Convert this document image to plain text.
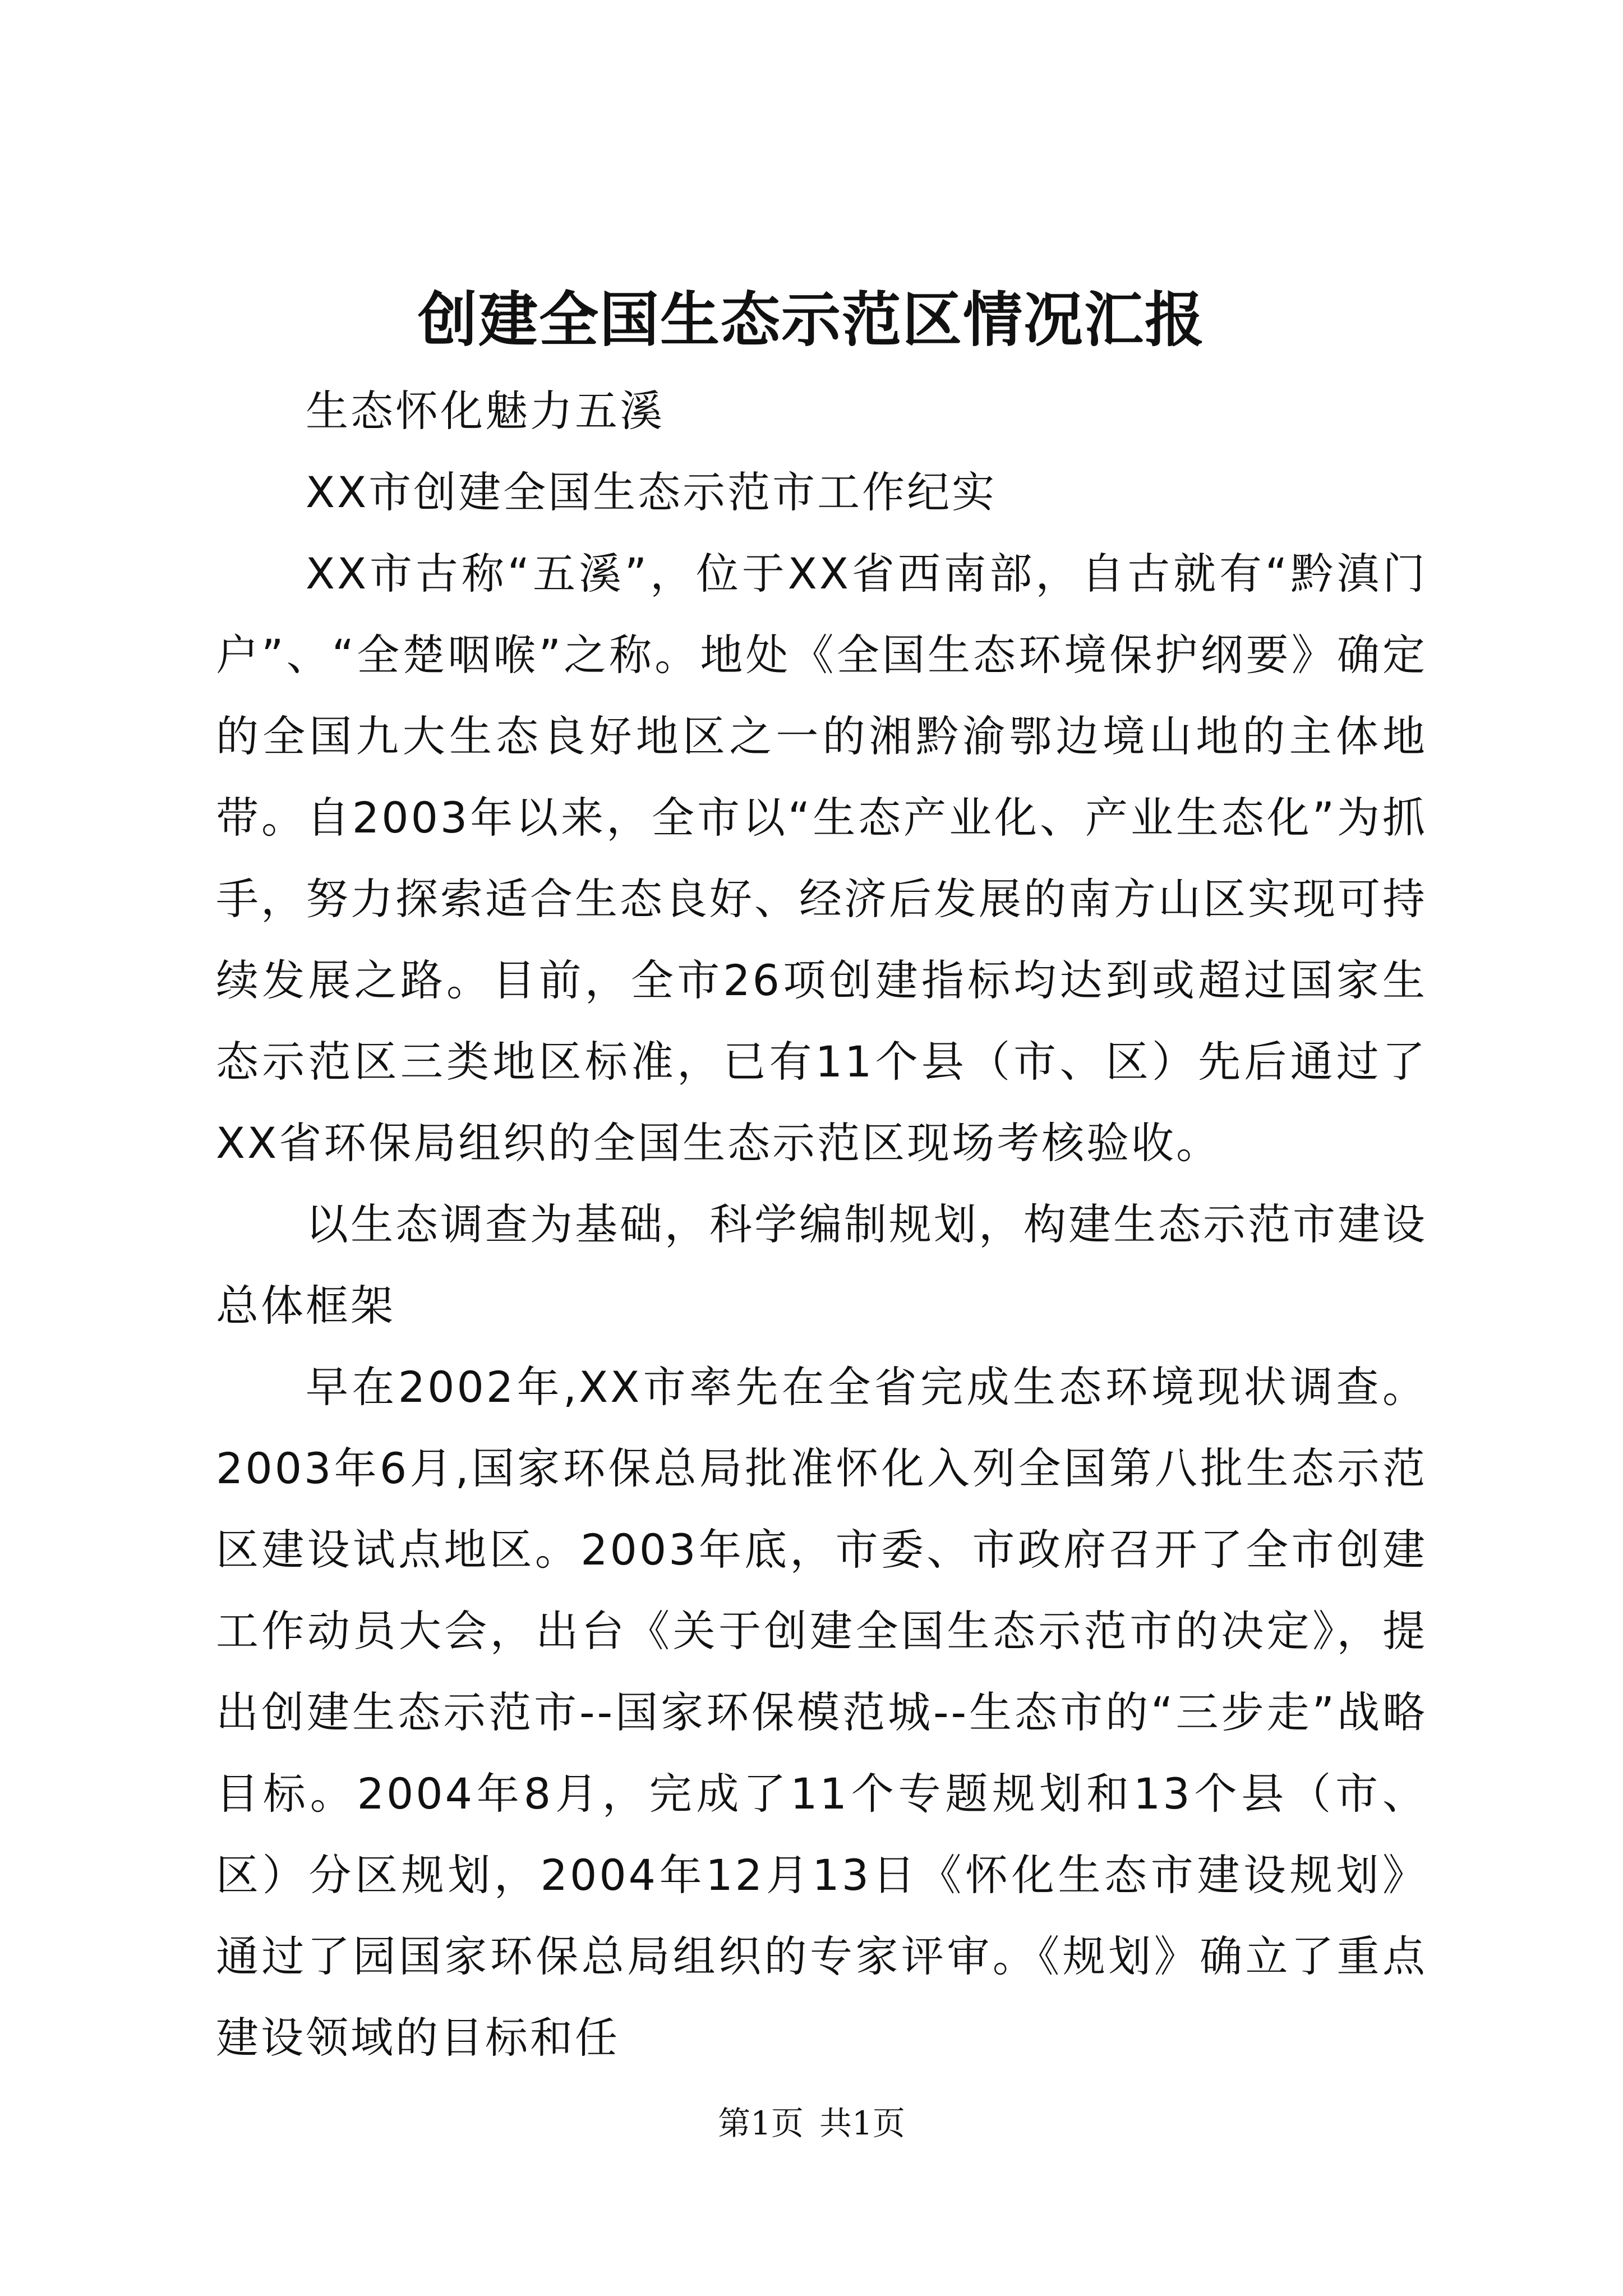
创建全国生态示范区情况汇报

生态怀化魅力五溪

XX市创建全国生态示范市工作纪实

XX市古称“五溪”，位于XX省西南部，自古就有“黔滇门户”、“全楚咽喉”之称。地处《全国生态环境保护纲要》确定的全国九大生态良好地区之一的湘黔渝鄂边境山地的主体地带。自2003年以来，全市以“生态产业化、产业生态化”为抓手，努力探索适合生态良好、经济后发展的南方山区实现可持续发展之路。目前，全市26项创建指标均达到或超过国家生态示范区三类地区标准，已有11个县（市、区）先后通过了XX省环保局组织的全国生态示范区现场考核验收。

以生态调查为基础，科学编制规划，构建生态示范市建设总体框架

早在2002年,XX市率先在全省完成生态环境现状调查。2003年6月,国家环保总局批准怀化入列全国第八批生态示范区建设试点地区。2003年底，市委、市政府召开了全市创建工作动员大会，出台《关于创建全国生态示范市的决定》，提出创建生态示范市--国家环保模范城--生态市的“三步走”战略目标。2004年8月，完成了11个专题规划和13个县（市、区）分区规划，2004年12月13日《怀化生态市建设规划》通过了园国家环保总局组织的专家评审。《规划》确立了重点建设领域的目标和任

第1页 共1页
